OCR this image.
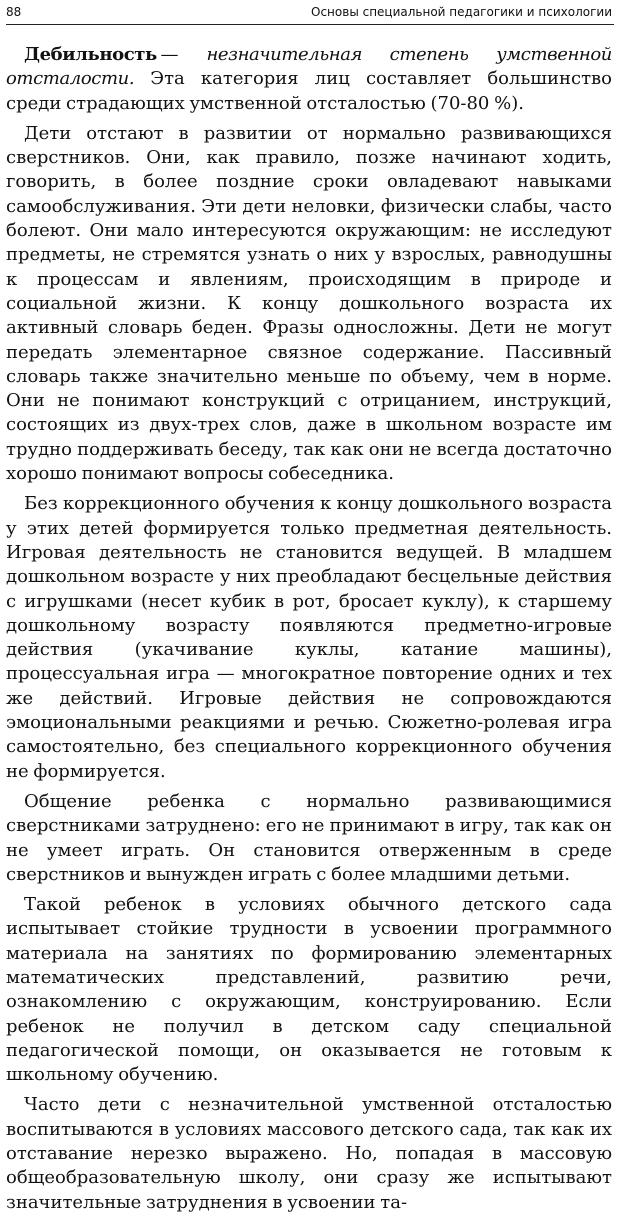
88	Основы специальной педагогики и психологии

Дебильность — незначительная степень умственной отсталости. Эта категория лиц составляет большинство среди страдающих умственной отсталостью (70-80 %).

Дети отстают в развитии от нормально развивающихся сверстников. Они, как правило, позже начинают ходить, говорить, в более поздние сроки овладевают навыками самообслуживания. Эти дети неловки, физически слабы, часто болеют. Они мало интересуются окружающим: не исследуют предметы, не стремятся узнать о них у взрослых, равнодушны к процессам и явлениям, происходящим в природе и социальной жизни. К концу дошкольного возраста их активный словарь беден. Фразы односложны. Дети не могут передать элементарное связное содержание. Пассивный словарь также значительно меньше по объему, чем в норме. Они не понимают конструкций с отрицанием, инструкций, состоящих из двух-трех слов, даже в школьном возрасте им трудно поддерживать беседу, так как они не всегда достаточно хорошо понимают вопросы собеседника.

Без коррекционного обучения к концу дошкольного возраста у этих детей формируется только предметная деятельность. Игровая деятельность не становится ведущей. В младшем дошкольном возрасте у них преобладают бесцельные действия с игрушками (несет кубик в рот, бросает куклу), к старшему дошкольному возрасту появляются предметно-игровые действия (укачивание куклы, катание машины), процессуальная игра — многократное повторение одних и тех же действий. Игровые действия не сопровождаются эмоциональными реакциями и речью. Сюжетно-ролевая игра самостоятельно, без специального коррекционного обучения не формируется.

Общение ребенка с нормально развивающимися сверстниками затруднено: его не принимают в игру, так как он не умеет играть. Он становится отверженным в среде сверстников и вынужден играть с более младшими детьми.

Такой ребенок в условиях обычного детского сада испытывает стойкие трудности в усвоении программного материала на занятиях по формированию элементарных математических представлений, развитию речи, ознакомлению с окружающим, конструированию. Если ребенок не получил в детском саду специальной педагогической помощи, он оказывается не готовым к школьному обучению.

Часто дети с незначительной умственной отсталостью воспитываются в условиях массового детского сада, так как их отставание нерезко выражено. Но, попадая в массовую общеобразовательную школу, они сразу же испытывают значительные затруднения в усвоении та-
